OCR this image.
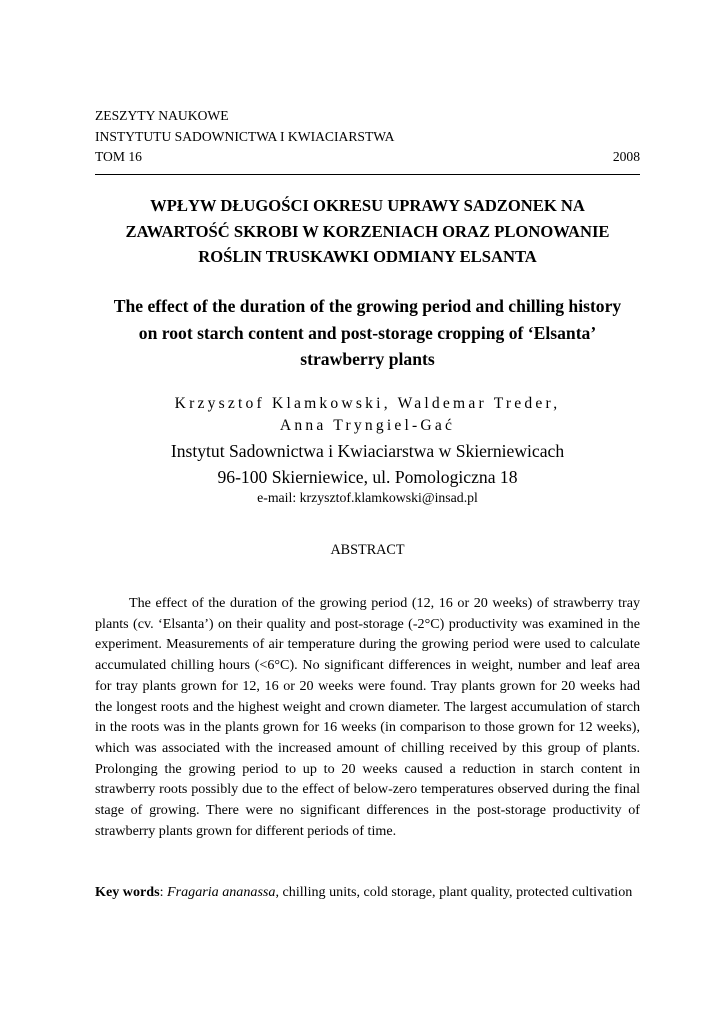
ZESZYTY NAUKOWE
INSTYTUTU SADOWNICTWA I KWIACIARSTWA
TOM 16	2008
WPŁYW DŁUGOŚCI OKRESU UPRAWY SADZONEK NA
ZAWARTOŚĆ SKROBI W KORZENIACH ORAZ PLONOWANIE
ROŚLIN TRUSKAWKI ODMIANY ELSANTA
The effect of the duration of the growing period and chilling history
on root starch content and post-storage cropping of ‘Elsanta’
strawberry plants
Krzysztof Klamkowski, Waldemar Treder,
Anna Tryngiel-Gać
Instytut Sadownictwa i Kwiaciarstwa w Skierniewicach
96-100 Skierniewice, ul. Pomologiczna 18
e-mail: krzysztof.klamkowski@insad.pl
ABSTRACT

The effect of the duration of the growing period (12, 16 or 20 weeks) of strawberry tray plants (cv. ‘Elsanta’) on their quality and post-storage (-2°C) productivity was examined in the experiment. Measurements of air temperature during the growing period were used to calculate accumulated chilling hours (<6°C). No significant differences in weight, number and leaf area for tray plants grown for 12, 16 or 20 weeks were found. Tray plants grown for 20 weeks had the longest roots and the highest weight and crown diameter. The largest accumulation of starch in the roots was in the plants grown for 16 weeks (in comparison to those grown for 12 weeks), which was associated with the increased amount of chilling received by this group of plants. Prolonging the growing period to up to 20 weeks caused a reduction in starch content in strawberry roots possibly due to the effect of below-zero temperatures observed during the final stage of growing. There were no significant differences in the post-storage productivity of strawberry plants grown for different periods of time.

Key words: Fragaria ananassa, chilling units, cold storage, plant quality, protected cultivation
